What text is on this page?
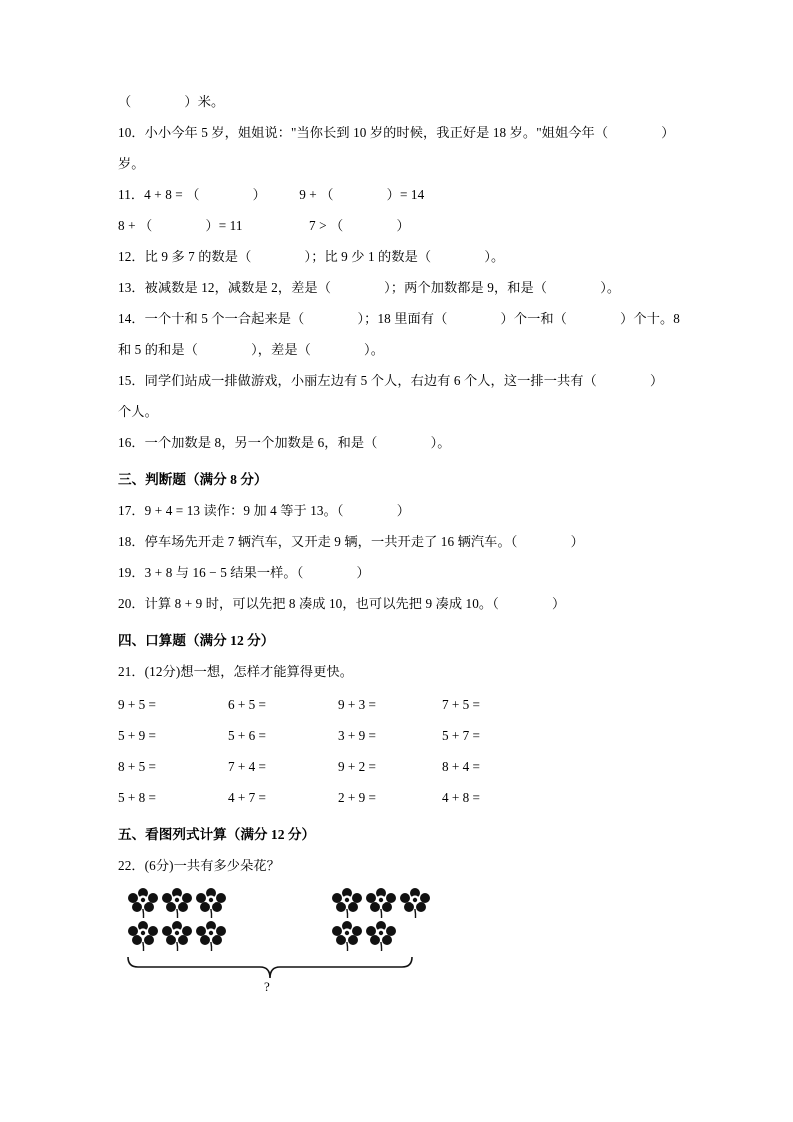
（　　　　）米。
10．小小今年 5 岁，姐姐说："当你长到 10 岁的时候，我正好是 18 岁。"姐姐今年（　　　　）
岁。
11．4 + 8 = （　　　　）　　　9 + （　　　　）= 14
8 + （　　　　）= 11　　　　　7 > （　　　　）
12．比 9 多 7 的数是（　　　　）；比 9 少 1 的数是（　　　　）。
13．被减数是 12，减数是 2，差是（　　　　）；两个加数都是 9，和是（　　　　）。
14．一个十和 5 个一合起来是（　　　　）；18 里面有（　　　　）个一和（　　　　）个十。8
和 5 的和是（　　　　），差是（　　　　）。
15．同学们站成一排做游戏，小丽左边有 5 个人，右边有 6 个人，这一排一共有（　　　　）
个人。
16．一个加数是 8，另一个加数是 6，和是（　　　　）。
三、判断题（满分 8 分）
17．9 + 4 = 13 读作：9 加 4 等于 13。（　　　　）
18．停车场先开走 7 辆汽车，又开走 9 辆，一共开走了 16 辆汽车。（　　　　）
19．3 + 8 与 16 − 5 结果一样。（　　　　）
20．计算 8 + 9 时，可以先把 8 凑成 10，也可以先把 9 凑成 10。（　　　　）
四、口算题（满分 12 分）
21．(12分)想一想，怎样才能算得更快。
9 + 5 =	6 + 5 =	9 + 3 =	7 + 5 =
5 + 9 =	5 + 6 =	3 + 9 =	5 + 7 =
8 + 5 =	7 + 4 =	9 + 2 =	8 + 4 =
5 + 8 =	4 + 7 =	2 + 9 =	4 + 8 =
五、看图列式计算（满分 12 分）
22．(6分)一共有多少朵花？
?
